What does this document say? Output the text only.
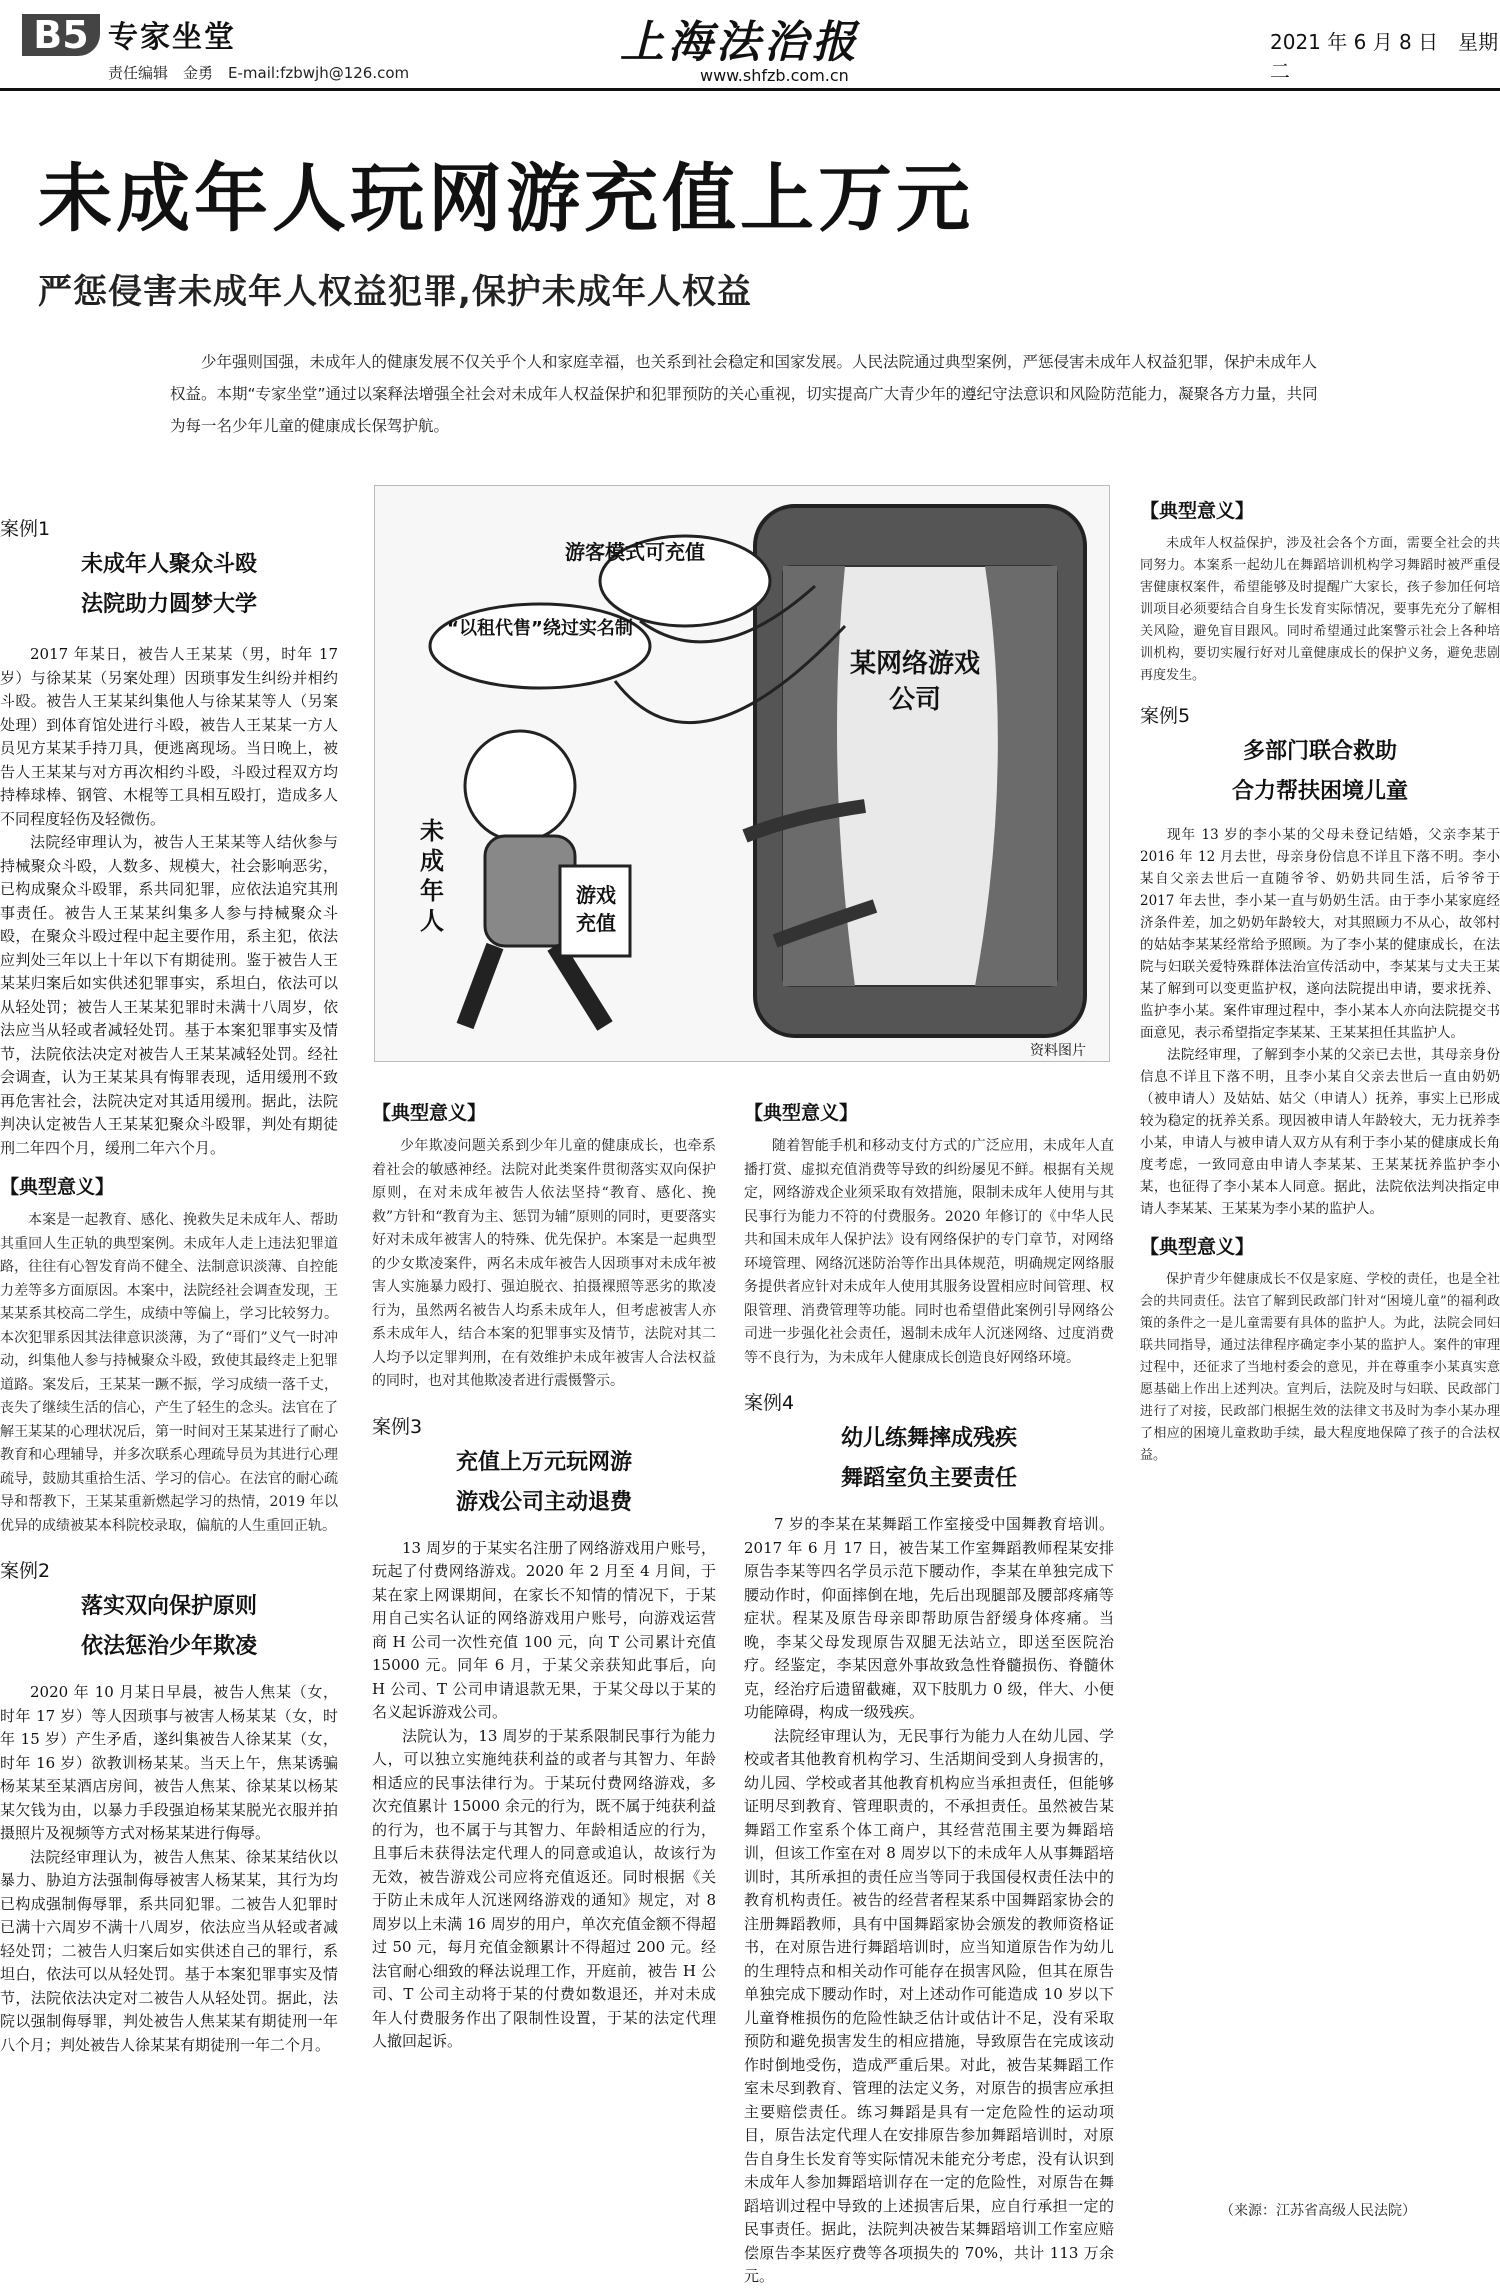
B5 专家坐堂
责任编辑　金勇　E-mail:fzbwjh@126.com
上海法治报
www.shfzb.com.cn
2021 年 6 月 8 日　星期二
未成年人玩网游充值上万元
严惩侵害未成年人权益犯罪,保护未成年人权益
少年强则国强，未成年人的健康发展不仅关乎个人和家庭幸福，也关系到社会稳定和国家发展。人民法院通过典型案例，严惩侵害未成年人权益犯罪，保护未成年人权益。本期“专家坐堂”通过以案释法增强全社会对未成年人权益保护和犯罪预防的关心重视，切实提高广大青少年的遵纪守法意识和风险防范能力，凝聚各方力量，共同为每一名少年儿童的健康成长保驾护航。
游客模式可充值
“以租代售”绕过实名制
某网络游戏公司
未成年人
游戏充值
资料图片
案例1
未成年人聚众斗殴
法院助力圆梦大学

2017 年某日，被告人王某某（男，时年 17 岁）与徐某某（另案处理）因琐事发生纠纷并相约斗殴。被告人王某某纠集他人与徐某某等人（另案处理）到体育馆处进行斗殴，被告人王某某一方人员见方某某手持刀具，便逃离现场。当日晚上，被告人王某某与对方再次相约斗殴，斗殴过程双方均持棒球棒、钢管、木棍等工具相互殴打，造成多人不同程度轻伤及轻微伤。

法院经审理认为，被告人王某某等人结伙参与持械聚众斗殴，人数多、规模大，社会影响恶劣，已构成聚众斗殴罪，系共同犯罪，应依法追究其刑事责任。被告人王某某纠集多人参与持械聚众斗殴，在聚众斗殴过程中起主要作用，系主犯，依法应判处三年以上十年以下有期徒刑。鉴于被告人王某某归案后如实供述犯罪事实，系坦白，依法可以从轻处罚；被告人王某某犯罪时未满十八周岁，依法应当从轻或者减轻处罚。基于本案犯罪事实及情节，法院依法决定对被告人王某某减轻处罚。经社会调查，认为王某某具有悔罪表现，适用缓刑不致再危害社会，法院决定对其适用缓刑。据此，法院判决认定被告人王某某犯聚众斗殴罪，判处有期徒刑二年四个月，缓刑二年六个月。

【典型意义】

本案是一起教育、感化、挽救失足未成年人、帮助其重回人生正轨的典型案例。未成年人走上违法犯罪道路，往往有心智发育尚不健全、法制意识淡薄、自控能力差等多方面原因。本案中，法院经社会调查发现，王某某系其校高二学生，成绩中等偏上，学习比较努力。本次犯罪系因其法律意识淡薄，为了“哥们”义气一时冲动，纠集他人参与持械聚众斗殴，致使其最终走上犯罪道路。案发后，王某某一蹶不振，学习成绩一落千丈，丧失了继续生活的信心，产生了轻生的念头。法官在了解王某某的心理状况后，第一时间对王某某进行了耐心教育和心理辅导，并多次联系心理疏导员为其进行心理疏导，鼓励其重拾生活、学习的信心。在法官的耐心疏导和帮教下，王某某重新燃起学习的热情，2019 年以优异的成绩被某本科院校录取，偏航的人生重回正轨。

案例2
落实双向保护原则
依法惩治少年欺凌

2020 年 10 月某日早晨，被告人焦某（女，时年 17 岁）等人因琐事与被害人杨某某（女，时年 15 岁）产生矛盾，遂纠集被告人徐某某（女，时年 16 岁）欲教训杨某某。当天上午，焦某诱骗杨某某至某酒店房间，被告人焦某、徐某某以杨某某欠钱为由，以暴力手段强迫杨某某脱光衣服并拍摄照片及视频等方式对杨某某进行侮辱。

法院经审理认为，被告人焦某、徐某某结伙以暴力、胁迫方法强制侮辱被害人杨某某，其行为均已构成强制侮辱罪，系共同犯罪。二被告人犯罪时已满十六周岁不满十八周岁，依法应当从轻或者减轻处罚；二被告人归案后如实供述自己的罪行，系坦白，依法可以从轻处罚。基于本案犯罪事实及情节，法院依法决定对二被告人从轻处罚。据此，法院以强制侮辱罪，判处被告人焦某某有期徒刑一年八个月；判处被告人徐某某有期徒刑一年二个月。

【典型意义】

少年欺凌问题关系到少年儿童的健康成长，也牵系着社会的敏感神经。法院对此类案件贯彻落实双向保护原则，在对未成年被告人依法坚持“教育、感化、挽救”方针和“教育为主、惩罚为辅”原则的同时，更要落实好对未成年被害人的特殊、优先保护。本案是一起典型的少女欺凌案件，两名未成年被告人因琐事对未成年被害人实施暴力殴打、强迫脱衣、拍摄裸照等恶劣的欺凌行为，虽然两名被告人均系未成年人，但考虑被害人亦系未成年人，结合本案的犯罪事实及情节，法院对其二人均予以定罪判刑，在有效维护未成年被害人合法权益的同时，也对其他欺凌者进行震慑警示。

案例3
充值上万元玩网游
游戏公司主动退费

13 周岁的于某实名注册了网络游戏用户账号，玩起了付费网络游戏。2020 年 2 月至 4 月间，于某在家上网课期间，在家长不知情的情况下，于某用自己实名认证的网络游戏用户账号，向游戏运营商 H 公司一次性充值 100 元，向 T 公司累计充值 15000 元。同年 6 月，于某父亲获知此事后，向 H 公司、T 公司申请退款无果，于某父母以于某的名义起诉游戏公司。

法院认为，13 周岁的于某系限制民事行为能力人，可以独立实施纯获利益的或者与其智力、年龄相适应的民事法律行为。于某玩付费网络游戏，多次充值累计 15000 余元的行为，既不属于纯获利益的行为，也不属于与其智力、年龄相适应的行为，且事后未获得法定代理人的同意或追认，故该行为无效，被告游戏公司应将充值返还。同时根据《关于防止未成年人沉迷网络游戏的通知》规定，对 8 周岁以上未满 16 周岁的用户，单次充值金额不得超过 50 元，每月充值金额累计不得超过 200 元。经法官耐心细致的释法说理工作，开庭前，被告 H 公司、T 公司主动将于某的付费如数退还，并对未成年人付费服务作出了限制性设置，于某的法定代理人撤回起诉。

【典型意义】

随着智能手机和移动支付方式的广泛应用，未成年人直播打赏、虚拟充值消费等导致的纠纷屡见不鲜。根据有关规定，网络游戏企业须采取有效措施，限制未成年人使用与其民事行为能力不符的付费服务。2020 年修订的《中华人民共和国未成年人保护法》设有网络保护的专门章节，对网络环境管理、网络沉迷防治等作出具体规范，明确规定网络服务提供者应针对未成年人使用其服务设置相应时间管理、权限管理、消费管理等功能。同时也希望借此案例引导网络公司进一步强化社会责任，遏制未成年人沉迷网络、过度消费等不良行为，为未成年人健康成长创造良好网络环境。

案例4
幼儿练舞摔成残疾
舞蹈室负主要责任

7 岁的李某在某舞蹈工作室接受中国舞教育培训。2017 年 6 月 17 日，被告某工作室舞蹈教师程某安排原告李某等四名学员示范下腰动作，李某在单独完成下腰动作时，仰面摔倒在地，先后出现腿部及腰部疼痛等症状。程某及原告母亲即帮助原告舒缓身体疼痛。当晚，李某父母发现原告双腿无法站立，即送至医院治疗。经鉴定，李某因意外事故致急性脊髓损伤、脊髓休克，经治疗后遗留截瘫，双下肢肌力 0 级，伴大、小便功能障碍，构成一级残疾。

法院经审理认为，无民事行为能力人在幼儿园、学校或者其他教育机构学习、生活期间受到人身损害的，幼儿园、学校或者其他教育机构应当承担责任，但能够证明尽到教育、管理职责的，不承担责任。虽然被告某舞蹈工作室系个体工商户，其经营范围主要为舞蹈培训，但该工作室在对 8 周岁以下的未成年人从事舞蹈培训时，其所承担的责任应当等同于我国侵权责任法中的教育机构责任。被告的经营者程某系中国舞蹈家协会的注册舞蹈教师，具有中国舞蹈家协会颁发的教师资格证书，在对原告进行舞蹈培训时，应当知道原告作为幼儿的生理特点和相关动作可能存在损害风险，但其在原告单独完成下腰动作时，对上述动作可能造成 10 岁以下儿童脊椎损伤的危险性缺乏估计或估计不足，没有采取预防和避免损害发生的相应措施，导致原告在完成该动作时倒地受伤，造成严重后果。对此，被告某舞蹈工作室未尽到教育、管理的法定义务，对原告的损害应承担主要赔偿责任。练习舞蹈是具有一定危险性的运动项目，原告法定代理人在安排原告参加舞蹈培训时，对原告自身生长发育等实际情况未能充分考虑，没有认识到未成年人参加舞蹈培训存在一定的危险性，对原告在舞蹈培训过程中导致的上述损害后果，应自行承担一定的民事责任。据此，法院判决被告某舞蹈培训工作室应赔偿原告李某医疗费等各项损失的 70%，共计 113 万余元。

【典型意义】

未成年人权益保护，涉及社会各个方面，需要全社会的共同努力。本案系一起幼儿在舞蹈培训机构学习舞蹈时被严重侵害健康权案件，希望能够及时提醒广大家长，孩子参加任何培训项目必须要结合自身生长发育实际情况，要事先充分了解相关风险，避免盲目跟风。同时希望通过此案警示社会上各种培训机构，要切实履行好对儿童健康成长的保护义务，避免悲剧再度发生。

案例5
多部门联合救助
合力帮扶困境儿童

现年 13 岁的李小某的父母未登记结婚，父亲李某于 2016 年 12 月去世，母亲身份信息不详且下落不明。李小某自父亲去世后一直随爷爷、奶奶共同生活，后爷爷于 2017 年去世，李小某一直与奶奶生活。由于李小某家庭经济条件差，加之奶奶年龄较大，对其照顾力不从心，故邻村的姑姑李某某经常给予照顾。为了李小某的健康成长，在法院与妇联关爱特殊群体法治宣传活动中，李某某与丈夫王某某了解到可以变更监护权，遂向法院提出申请，要求抚养、监护李小某。案件审理过程中，李小某本人亦向法院提交书面意见，表示希望指定李某某、王某某担任其监护人。

法院经审理，了解到李小某的父亲已去世，其母亲身份信息不详且下落不明，且李小某自父亲去世后一直由奶奶（被申请人）及姑姑、姑父（申请人）抚养，事实上已形成较为稳定的抚养关系。现因被申请人年龄较大，无力抚养李小某，申请人与被申请人双方从有利于李小某的健康成长角度考虑，一致同意由申请人李某某、王某某抚养监护李小某，也征得了李小某本人同意。据此，法院依法判决指定申请人李某某、王某某为李小某的监护人。

【典型意义】

保护青少年健康成长不仅是家庭、学校的责任，也是全社会的共同责任。法官了解到民政部门针对“困境儿童”的福利政策的条件之一是儿童需要有具体的监护人。为此，法院会同妇联共同指导，通过法律程序确定李小某的监护人。案件的审理过程中，还征求了当地村委会的意见，并在尊重李小某真实意愿基础上作出上述判决。宣判后，法院及时与妇联、民政部门进行了对接，民政部门根据生效的法律文书及时为李小某办理了相应的困境儿童救助手续，最大程度地保障了孩子的合法权益。

（来源：江苏省高级人民法院）
